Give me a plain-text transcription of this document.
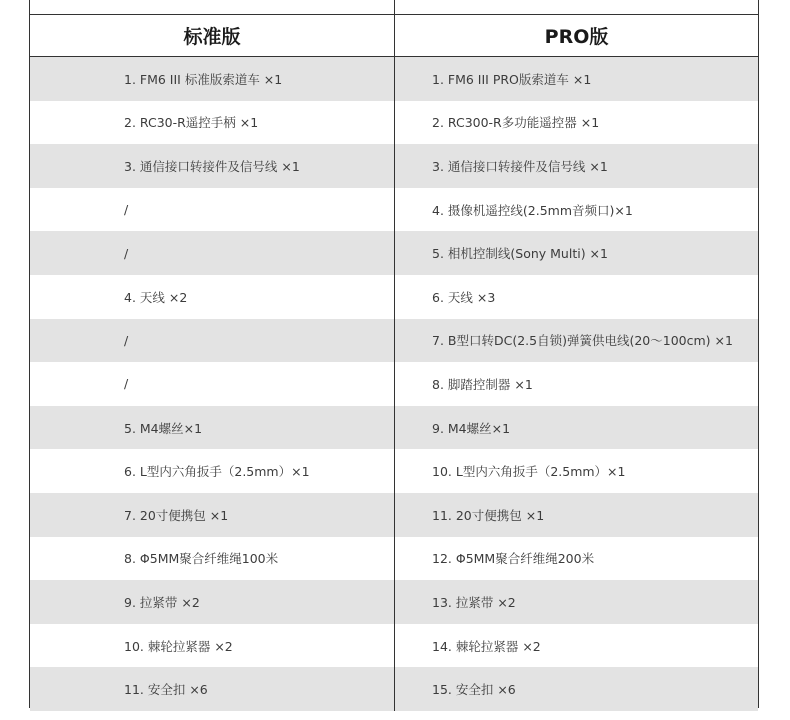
标准版	PRO版
1. FM6 III 标准版索道车 ×1	1. FM6 III PRO版索道车 ×1
2. RC30-R遥控手柄 ×1	2. RC300-R多功能遥控器 ×1
3. 通信接口转接件及信号线 ×1	3. 通信接口转接件及信号线 ×1
/	4. 摄像机遥控线(2.5mm音频口)×1
/	5. 相机控制线(Sony Multi) ×1
4. 天线 ×2	6. 天线 ×3
/	7. B型口转DC(2.5自锁)弹簧供电线(20～100cm) ×1
/	8. 脚踏控制器 ×1
5. M4螺丝×1	9. M4螺丝×1
6. L型内六角扳手（2.5mm）×1	10. L型内六角扳手（2.5mm）×1
7. 20寸便携包 ×1	11. 20寸便携包 ×1
8. Φ5MM聚合纤维绳100米	12. Φ5MM聚合纤维绳200米
9. 拉紧带 ×2	13. 拉紧带 ×2
10. 棘轮拉紧器 ×2	14. 棘轮拉紧器 ×2
11. 安全扣 ×6	15. 安全扣 ×6
